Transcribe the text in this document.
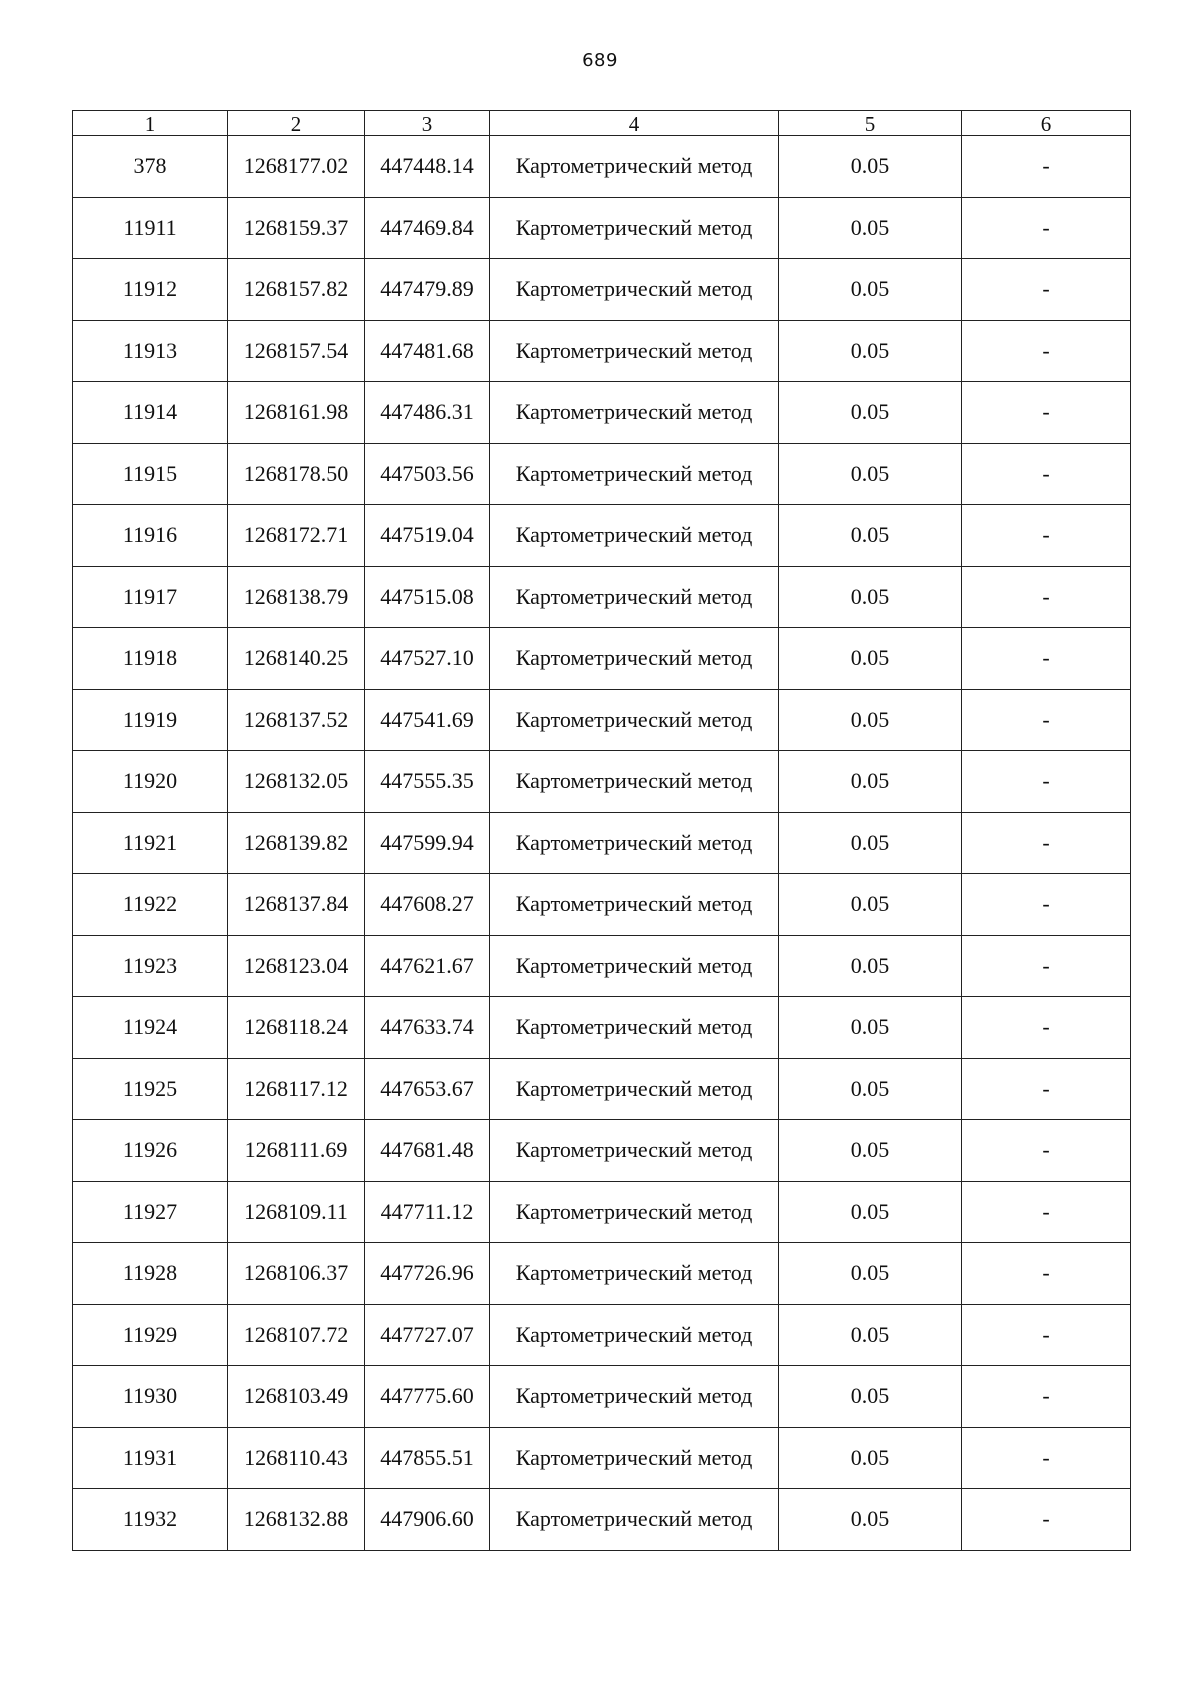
689
1	2	3	4	5	6
378	1268177.02	447448.14	Картометрический метод	0.05	-
11911	1268159.37	447469.84	Картометрический метод	0.05	-
11912	1268157.82	447479.89	Картометрический метод	0.05	-
11913	1268157.54	447481.68	Картометрический метод	0.05	-
11914	1268161.98	447486.31	Картометрический метод	0.05	-
11915	1268178.50	447503.56	Картометрический метод	0.05	-
11916	1268172.71	447519.04	Картометрический метод	0.05	-
11917	1268138.79	447515.08	Картометрический метод	0.05	-
11918	1268140.25	447527.10	Картометрический метод	0.05	-
11919	1268137.52	447541.69	Картометрический метод	0.05	-
11920	1268132.05	447555.35	Картометрический метод	0.05	-
11921	1268139.82	447599.94	Картометрический метод	0.05	-
11922	1268137.84	447608.27	Картометрический метод	0.05	-
11923	1268123.04	447621.67	Картометрический метод	0.05	-
11924	1268118.24	447633.74	Картометрический метод	0.05	-
11925	1268117.12	447653.67	Картометрический метод	0.05	-
11926	1268111.69	447681.48	Картометрический метод	0.05	-
11927	1268109.11	447711.12	Картометрический метод	0.05	-
11928	1268106.37	447726.96	Картометрический метод	0.05	-
11929	1268107.72	447727.07	Картометрический метод	0.05	-
11930	1268103.49	447775.60	Картометрический метод	0.05	-
11931	1268110.43	447855.51	Картометрический метод	0.05	-
11932	1268132.88	447906.60	Картометрический метод	0.05	-
